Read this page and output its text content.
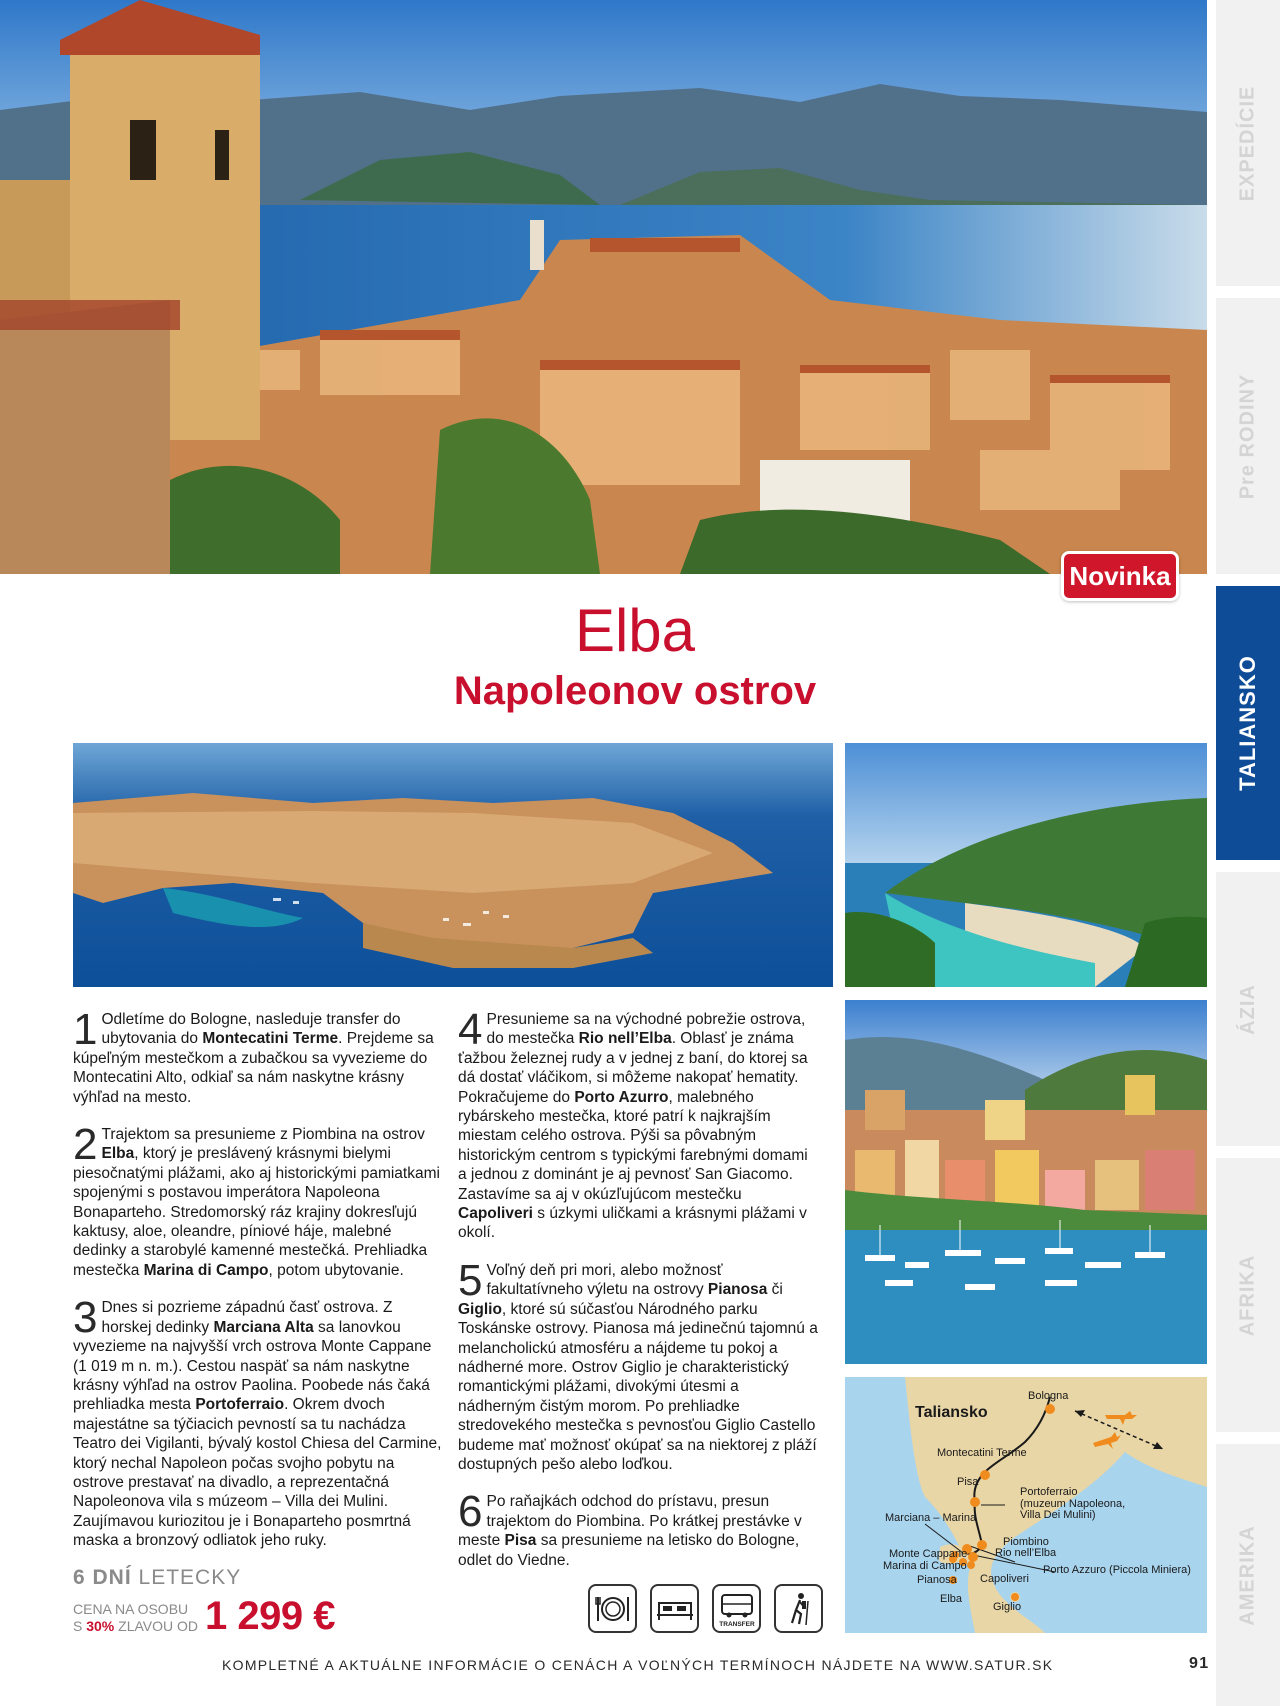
EXPEDÍCIE
Pre RODINY
TALIANSKO
ÁZIA
AFRIKA
AMERIKA
Novinka
Elba
Napoleonov ostrov
Taliansko
Bologna
Montecatini Terme
Pisa
Portoferraio
(muzeum Napoleona,
Villa Dei Mulini)
Marciana – Marina
Piombino
Rio nell’Elba
Monte Cappane
Marina di Campo	Porto Azzuro (Piccola Miniera)
Pianosa Capoliveri
Elba
Giglio
1 Odletíme do Bologne, nasleduje transfer do ubytovania do Montecatini Terme. Prejdeme sa kúpeľným mestečkom a zubačkou sa vyvezieme do Montecatini Alto, odkiaľ sa nám naskytne krásny výhľad na mesto.

2 Trajektom sa presunieme z Piombina na ostrov Elba, ktorý je preslávený krásnymi bielymi piesočnatými plážami, ako aj historickými pamiatkami spojenými s postavou imperátora Napoleona Bonaparteho. Stredomorský ráz krajiny dokresľujú kaktusy, aloe, oleandre, píniové háje, malebné dedinky a starobylé kamenné mestečká. Prehliadka mestečka Marina di Campo, potom ubytovanie.

3 Dnes si pozrieme západnú časť ostrova. Z horskej dedinky Marciana Alta sa lanovkou vyvezieme na najvyšší vrch ostrova Monte Cappane (1 019 m n. m.). Cestou naspäť sa nám naskytne krásny výhľad na ostrov Paolina. Poobede nás čaká prehliadka mesta Portoferraio. Okrem dvoch majestátne sa týčiacich pevností sa tu nachádza Teatro dei Vigilanti, bývalý kostol Chiesa del Carmine, ktorý nechal Napoleon počas svojho pobytu na ostrove prestavať na divadlo, a reprezentačná Napoleonova vila s múzeom – Villa dei Mulini. Zaujímavou kuriozitou je i Bonaparteho posmrtná maska a bronzový odliatok jeho ruky.

4 Presunieme sa na východné pobrežie ostrova, do mestečka Rio nell’Elba. Oblasť je známa ťažbou železnej rudy a v jednej z baní, do ktorej sa dá dostať vláčikom, si môžeme nakopať hematity. Pokračujeme do Porto Azurro, malebného rybárskeho mestečka, ktoré patrí k najkrajším miestam celého ostrova. Pýši sa pôvabným historickým centrom s typickými farebnými domami a jednou z dominánt je aj pevnosť San Giacomo. Zastavíme sa aj v okúzľujúcom mestečku Capoliveri s úzkymi uličkami a krásnymi plážami v okolí.

5 Voľný deň pri mori, alebo možnosť fakultatívneho výletu na ostrovy Pianosa či Giglio, ktoré sú súčasťou Národného parku Toskánske ostrovy. Pianosa má jedinečnú tajomnú a melancholickú atmosféru a nájdeme tu pokoj a nádherné more. Ostrov Giglio je charakteristický romantickými plážami, divokými útesmi a nádherným čistým morom. Po prehliadke stredovekého mestečka s pevnosťou Giglio Castello budeme mať možnosť okúpať sa na niektorej z pláží dostupných pešo alebo loďkou.

6 Po raňajkách odchod do prístavu, presun trajektom do Piombina. Po krátkej prestávke v meste Pisa sa presunieme na letisko do Bologne, odlet do Viedne.

6 DNÍ LETECKY
CENA NA OSOBU
S 30% ZLAVOU OD 1 299 €	TRANSFER
KOMPLETNÉ A AKTUÁLNE INFORMÁCIE O CENÁCH A VOĽNÝCH TERMÍNOCH NÁJDETE NA WWW.SATUR.SK	91
